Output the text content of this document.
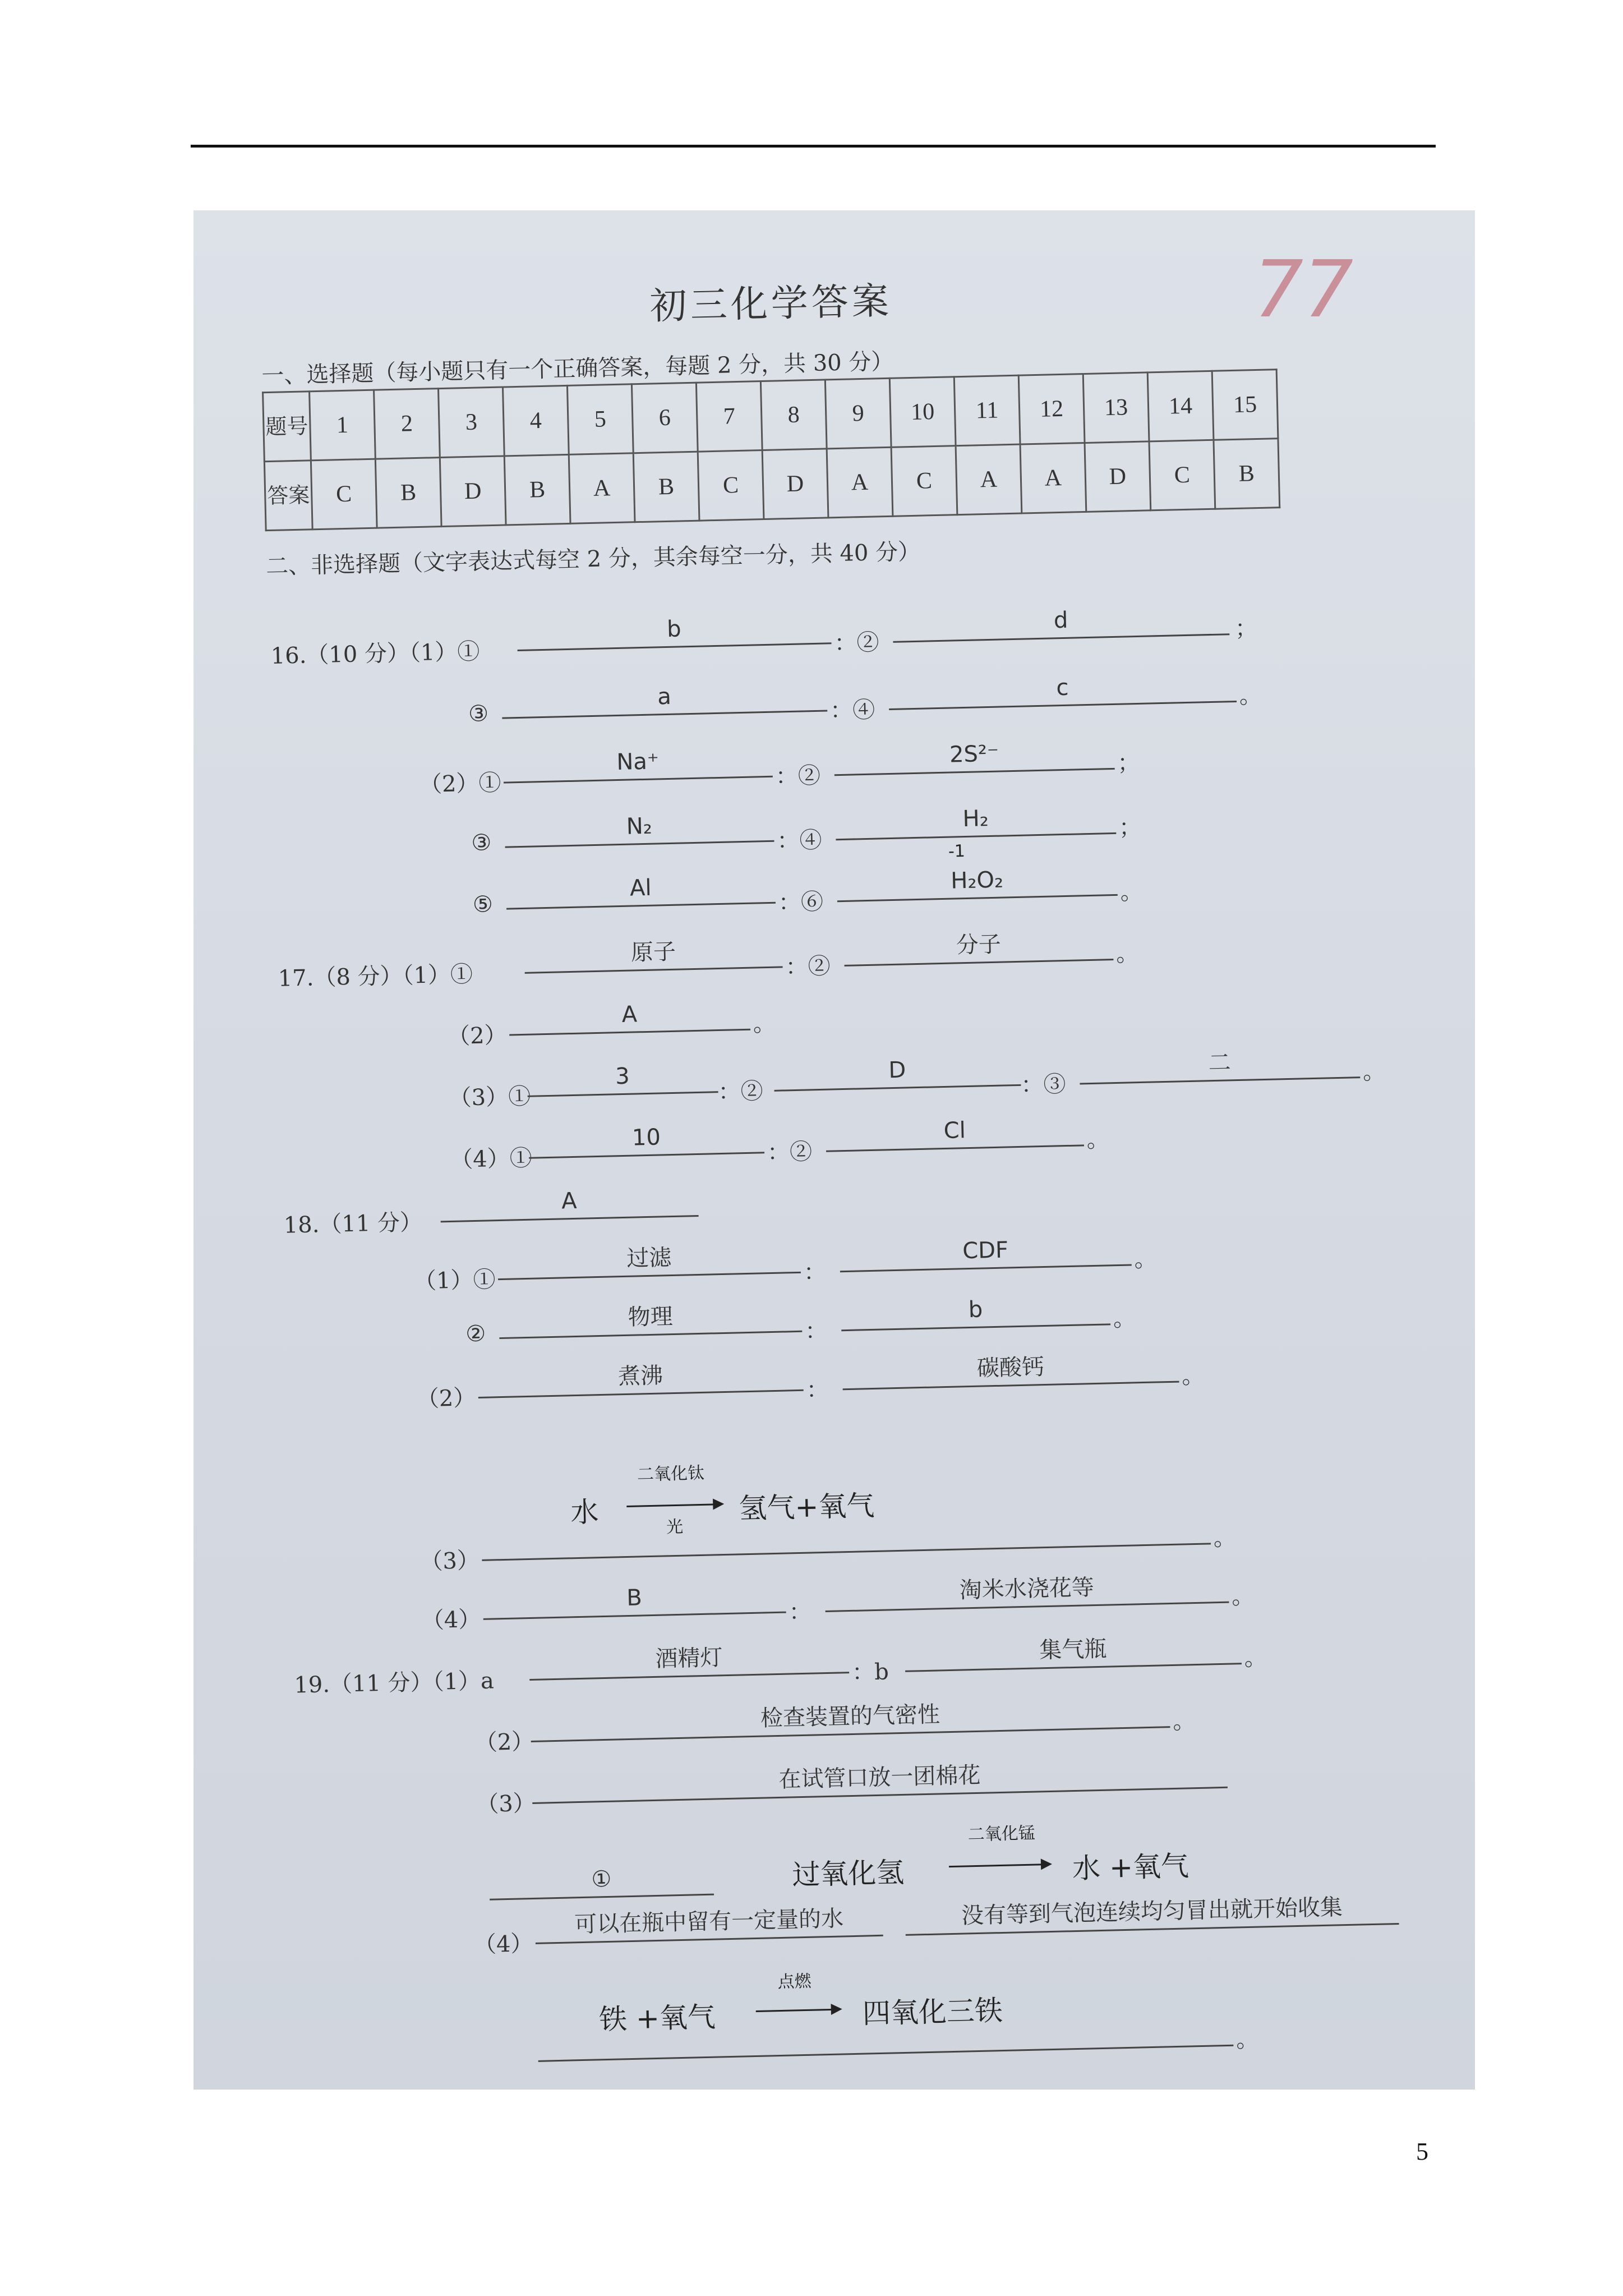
77
初三化学答案
一、选择题（每小题只有一个正确答案，每题 2 分，共 30 分）
题号	1	2	3	4	5	6	7	8	9	10	11	12	13	14	15
答案	C	B	D	B	A	B	C	D	A	C	A	A	D	C	B
二、非选择题（文字表达式每空 2 分，其余每空一分，共 40 分）
16.（10 分）（1）①
b
：②
d	；
③
a
：④
c	。
（2）①
Na⁺
：②
2S²⁻	；
③
N₂
：④
H₂	；
⑤
Al
：⑥
-1
H₂O₂	。
17.（8 分）（1）①
原子
：②
分子	。
（2）
A	。
（3）①
3
：②
D
：③
二	。
（4）①
10
：②
Cl	。
18.（11 分）
A
（1）①
过滤
：
CDF	。
②
物理
：
b	。
（2）
煮沸
：
碳酸钙	。
水
二氧化钛
光
氢气+氧气
（3）
。
（4）
B
：
淘米水浇花等	。
19.（11 分）（1）a
酒精灯
：b
集气瓶	。
（2）
检查装置的气密性	。
（3）
在试管口放一团棉花
①	过氧化氢
二氧化锰
水 +氧气
（4）
可以在瓶中留有一定量的水	没有等到气泡连续均匀冒出就开始收集
铁 +氧气
点燃
四氧化三铁
。
5
